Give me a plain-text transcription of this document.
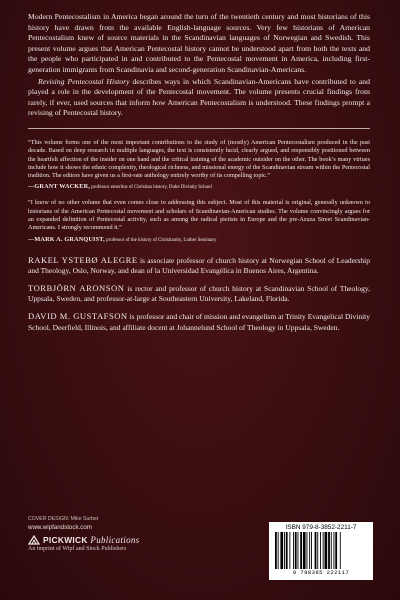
Modern Pentecostalism in America began around the turn of the twentieth century and most historians of this history have drawn from the available English-language sources. Very few historians of American Pentecostalism knew of source materials in the Scandinavian languages of Norwegian and Swedish. This present volume argues that American Pentecostal history cannot be understood apart from both the texts and the people who participated in and contributed to the Pentecostal movement in America, including first-generation immigrants from Scandinavia and second-generation Scandinavian-Americans.

Revising Pentecostal History describes ways in which Scandinavian-Americans have contributed to and played a role in the development of the Pentecostal movement. The volume presents crucial findings from rarely, if ever, used sources that inform how American Pentecostalism is understood. These findings prompt a revising of Pentecostal history.

“This volume forms one of the most important contributions to the study of (mostly) American Pentecostalism produced in the past decade. Based on deep research in multiple languages, the text is consistently lucid, clearly argued, and responsibly positioned between the heartfelt affection of the insider on one hand and the critical training of the academic outsider on the other. The book’s many virtues include how it shows the ethnic complexity, theological richness, and missional energy of the Scandinavian stream within the Pentecostal tradition. The editors have given us a first-rate anthology entirely worthy of its compelling topic.”

—GRANT WACKER, professor emeritus of Christian history, Duke Divinity School

“I know of no other volume that even comes close to addressing this subject. Most of this material is original, generally unknown to historians of the American Pentecostal movement and scholars of Scandinavian-American studies. The volume convincingly argues for an expanded definition of Pentecostal activity, such as among the radical pietists in Europe and the pre-Azuza Street Scandinavian-Americans. I strongly recommend it.”

—MARK A. GRANQUIST, professor of the history of Christianity, Luther Seminary

RAKEL YSTEBØ ALEGRE is associate professor of church history at Norwegian School of Leadership and Theology, Oslo, Norway, and dean of la Universidad Evangélica in Buenos Aires, Argentina.

TORBJÖRN ARONSON is rector and professor of church history at Scandinavian School of Theology, Uppsala, Sweden, and professor-at-large at Southeastern University, Lakeland, Florida.

DAVID M. GUSTAFSON is professor and chair of mission and evangelism at Trinity Evangelical Divinity School, Deerfield, Illinois, and affiliate docent at Johannelund School of Theology in Uppsala, Sweden.

COVER DESIGN: Mike Surber
www.wipfandstock.com
PICKWICK Publications
An imprint of Wipf and Stock Publishers
ISBN 979-8-3852-2211-7
9 798385 222117
